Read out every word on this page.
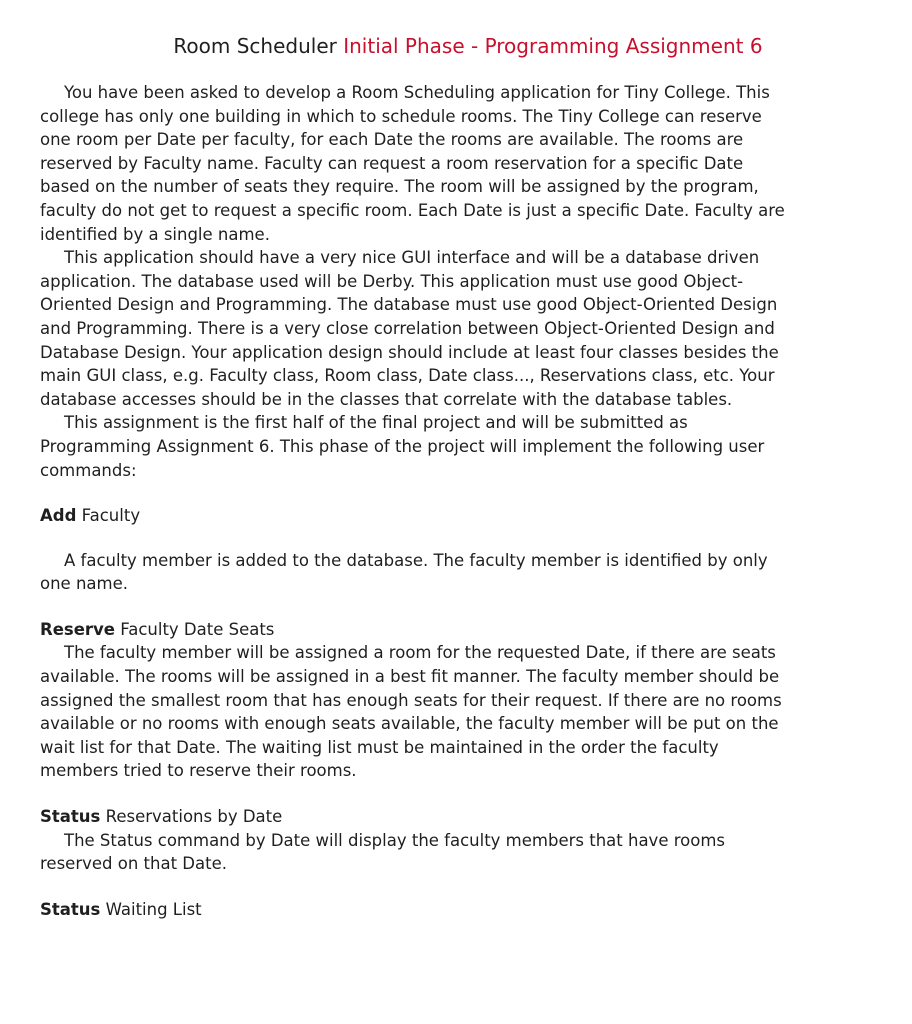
Room Scheduler Initial Phase - Programming Assignment 6

You have been asked to develop a Room Scheduling application for Tiny College. This college has only one building in which to schedule rooms. The Tiny College can reserve one room per Date per faculty, for each Date the rooms are available. The rooms are reserved by Faculty name. Faculty can request a room reservation for a specific Date based on the number of seats they require. The room will be assigned by the program, faculty do not get to request a specific room. Each Date is just a specific Date. Faculty are identified by a single name.

This application should have a very nice GUI interface and will be a database driven application. The database used will be Derby. This application must use good Object-Oriented Design and Programming. The database must use good Object-Oriented Design and Programming. There is a very close correlation between Object-Oriented Design and Database Design. Your application design should include at least four classes besides the main GUI class, e.g. Faculty class, Room class, Date class..., Reservations class, etc. Your database accesses should be in the classes that correlate with the database tables.

This assignment is the first half of the final project and will be submitted as Programming Assignment 6. This phase of the project will implement the following user commands:

Add Faculty

A faculty member is added to the database. The faculty member is identified by only one name.

Reserve Faculty Date Seats

The faculty member will be assigned a room for the requested Date, if there are seats available. The rooms will be assigned in a best fit manner. The faculty member should be assigned the smallest room that has enough seats for their request. If there are no rooms available or no rooms with enough seats available, the faculty member will be put on the wait list for that Date. The waiting list must be maintained in the order the faculty members tried to reserve their rooms.

Status Reservations by Date

The Status command by Date will display the faculty members that have rooms reserved on that Date.

Status Waiting List
